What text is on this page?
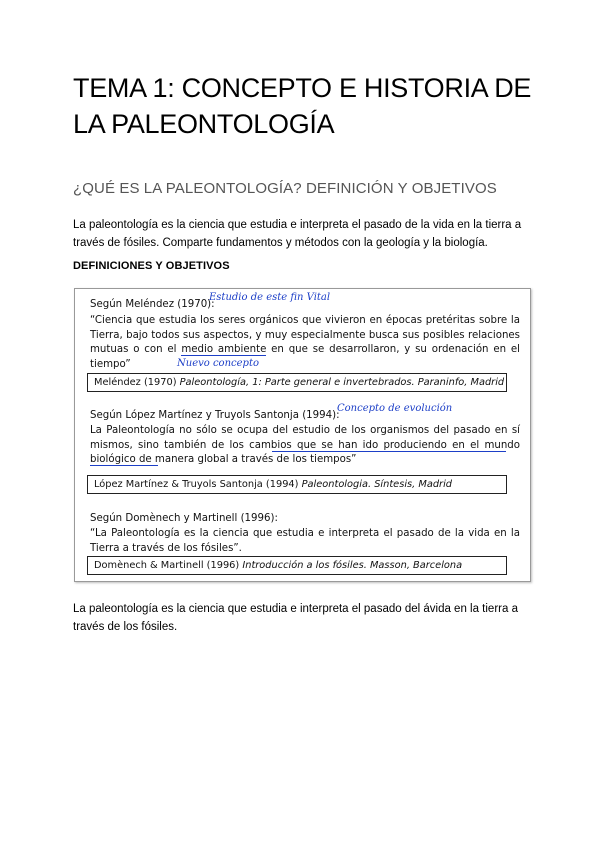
TEMA 1: CONCEPTO E HISTORIA DE LA PALEONTOLOGÍA
¿QUÉ ES LA PALEONTOLOGÍA? DEFINICIÓN Y OBJETIVOS
La paleontología es la ciencia que estudia e interpreta el pasado de la vida en la tierra a través de fósiles. Comparte fundamentos y métodos con la geología y la biología.
DEFINICIONES Y OBJETIVOS
Según Meléndez (1970):
Estudio de este fin Vital
“Ciencia que estudia los seres orgánicos que vivieron en épocas pretéritas sobre la Tierra, bajo todos sus aspectos, y muy especialmente busca sus posibles relaciones mutuas o con el medio ambiente en que se desarrollaron, y su ordenación en el tiempo”	Nuevo concepto
Meléndez (1970) Paleontología, 1: Parte general e invertebrados. Paraninfo, Madrid
Según López Martínez y Truyols Santonja (1994):
Concepto de evolución
La Paleontología no sólo se ocupa del estudio de los organismos del pasado en sí mismos, sino también de los cambios que se han ido produciendo en el mundo biológico de manera global a través de los tiempos”
López Martínez & Truyols Santonja (1994) Paleontologia. Síntesis, Madrid
Según Domènech y Martinell (1996):
“La Paleontología es la ciencia que estudia e interpreta el pasado de la vida en la Tierra a través de los fósiles”.
Domènech & Martinell (1996) Introducción a los fósiles. Masson, Barcelona
La paleontología es la ciencia que estudia e interpreta el pasado del ávida en la tierra a través de los fósiles.
